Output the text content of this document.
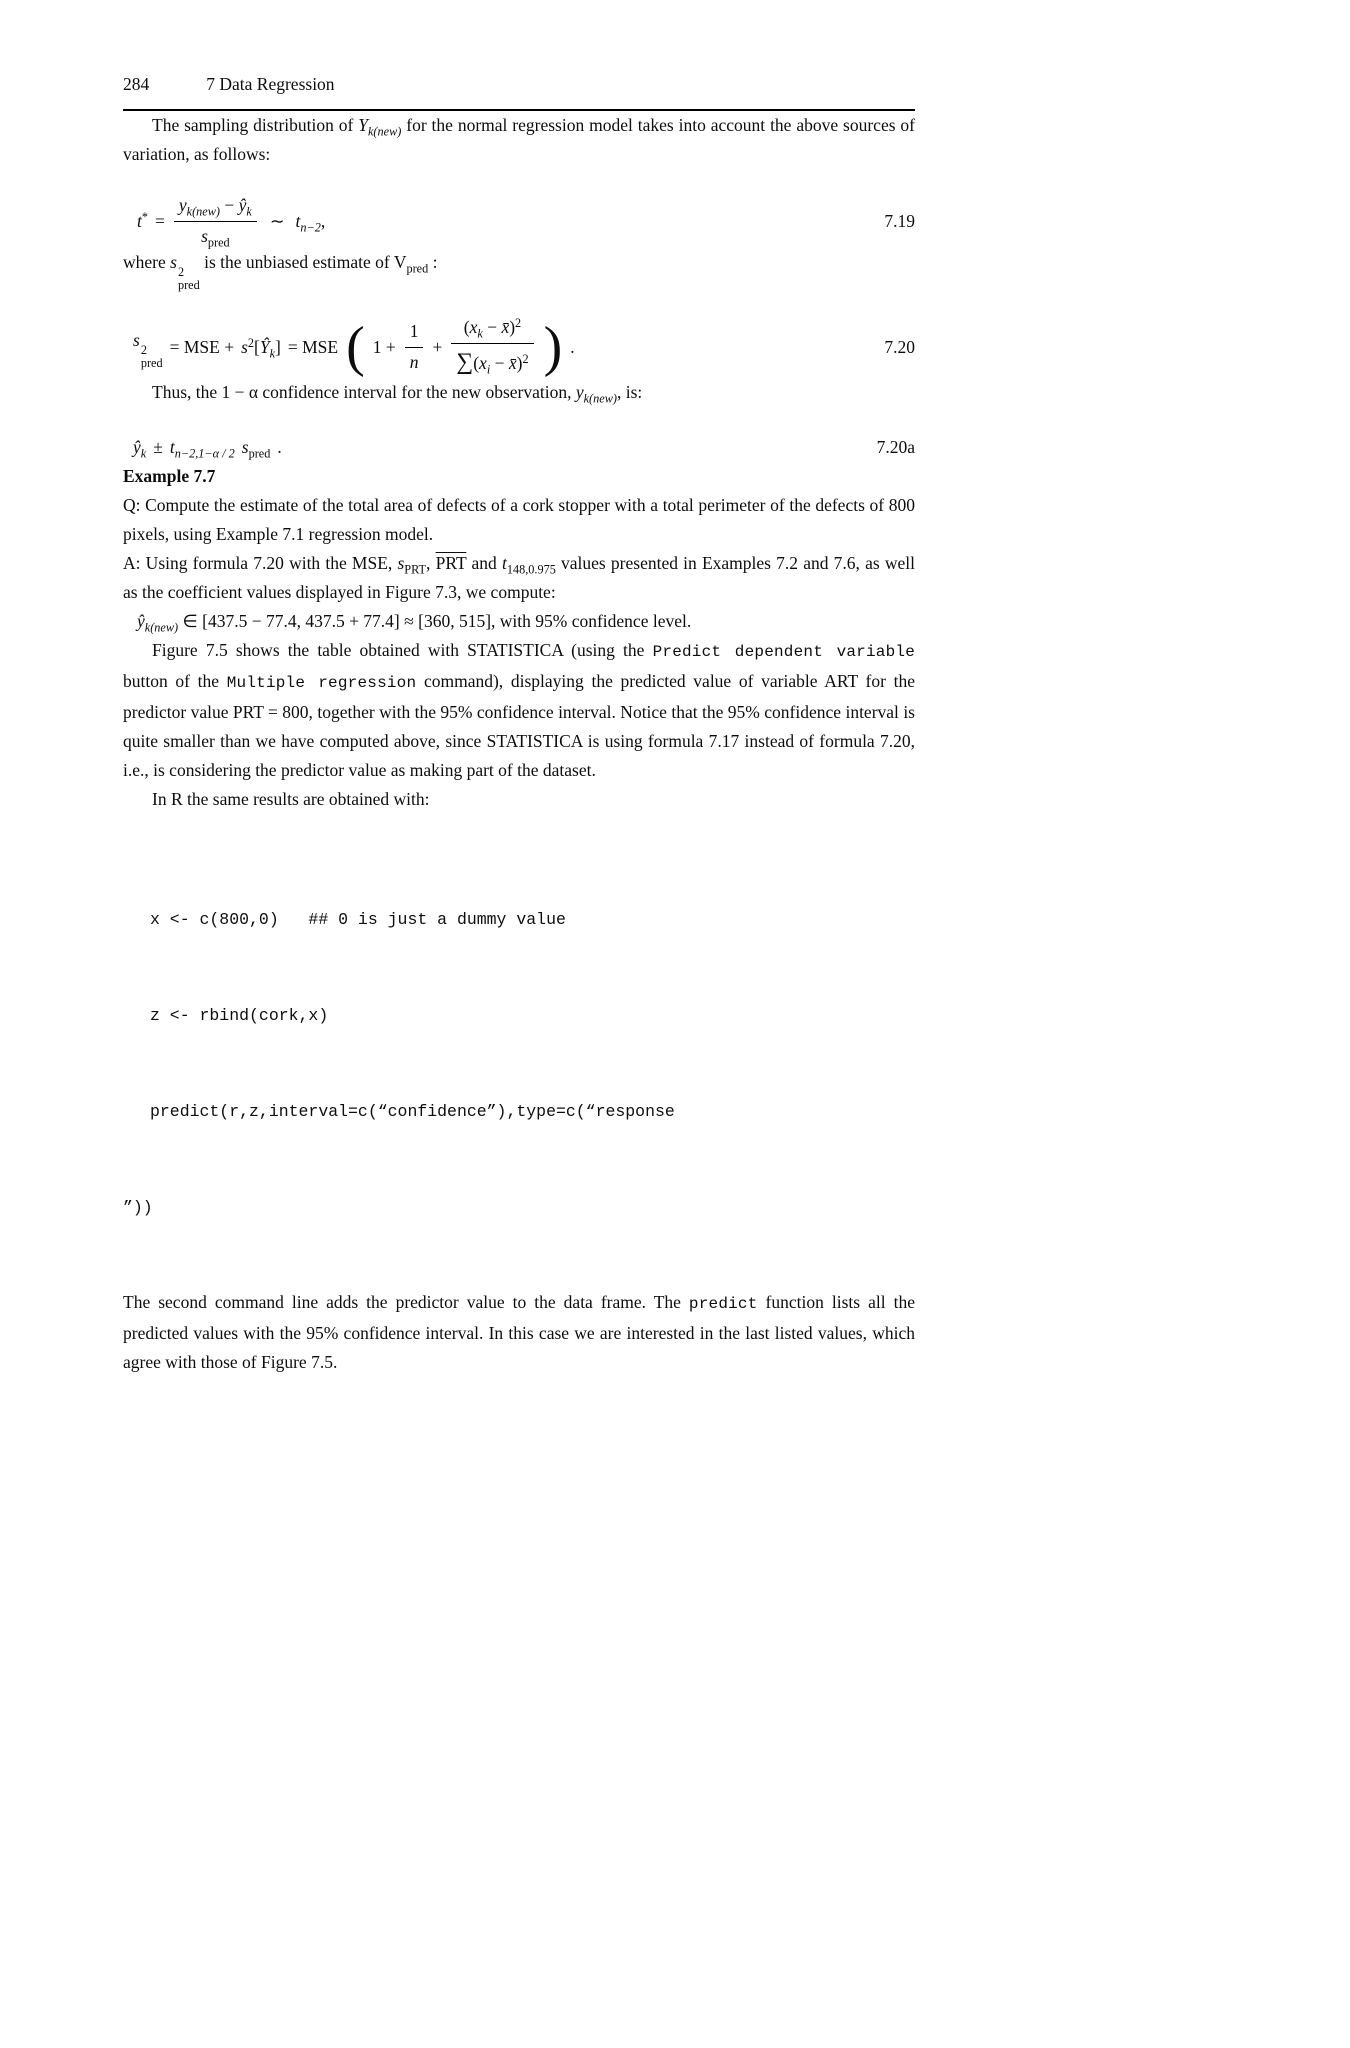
284	7 Data Regression

The sampling distribution of $Y_{k(new)}$ for the normal regression model takes into account the above sources of variation, as follows:

$t^* = \frac{y_{k(new)} - ŷ_k}{s_{pred}}$ ∼ $t_{n-2}$,	7.19

where s 2
pred
is the unbiased estimate of $V_{pred}$ :

s 2
pred
= MSE + $s^2[Ŷ_k]$ = MSE ( $1 + \frac{1}{n} + \frac{(x_k - x̄)^2}{\sum(x_i - x̄)^2}$ ) .	7.20

Thus, the 1 − α confidence interval for the new observation, $y_{k(new)}$, is:

$ŷ_k \pm t_{n-2,1-\alpha / 2}$ $s_{pred}$ .	7.20a

Example 7.7

Q: Compute the estimate of the total area of defects of a cork stopper with a total perimeter of the defects of 800 pixels, using Example 7.1 regression model.

A: Using formula 7.20 with the MSE, $s_{PRT}$, $\overline{PRT}$ and $t_{148,0.975}$ values presented in Examples 7.2 and 7.6, as well as the coefficient values displayed in Figure 7.3, we compute:

$ŷ_{k(new)}$ ∈ [437.5 − 77.4, 437.5 + 77.4] ≈ [360, 515], with 95% confidence level.

Figure 7.5 shows the table obtained with STATISTICA (using the Predict dependent variable button of the Multiple regression command), displaying the predicted value of variable ART for the predictor value PRT = 800, together with the 95% confidence interval. Notice that the 95% confidence interval is quite smaller than we have computed above, since STATISTICA is using formula 7.17 instead of formula 7.20, i.e., is considering the predictor value as making part of the dataset.

In R the same results are obtained with:

x <- c(800,0)   ## 0 is just a dummy value

z <- rbind(cork,x)

predict(r,z,interval=c(“confidence”),type=c(“response

”))

The second command line adds the predictor value to the data frame. The predict function lists all the predicted values with the 95% confidence interval. In this case we are interested in the last listed values, which agree with those of Figure 7.5.
